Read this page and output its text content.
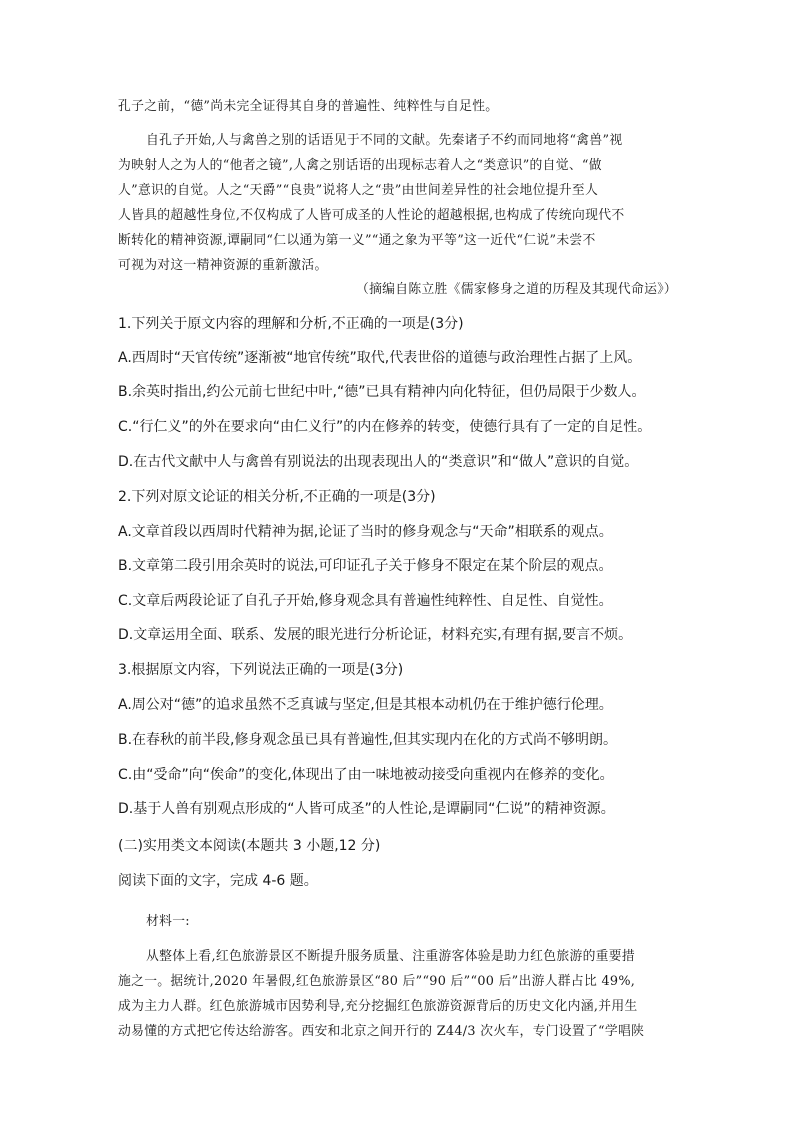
孔子之前，“德”尚未完全证得其自身的普遍性、纯粹性与自足性。
自孔子开始,人与禽兽之别的话语见于不同的文献。先秦诸子不约而同地将“禽兽”视
为映射人之为人的“他者之镜”,人禽之别话语的出现标志着人之“类意识”的自觉、“做
人”意识的自觉。人之“天爵”“良贵”说将人之“贵”由世间差异性的社会地位提升至人
人皆具的超越性身位,不仅构成了人皆可成圣的人性论的超越根据,也构成了传统向现代不
断转化的精神资源,谭嗣同“仁以通为第一义”“通之象为平等”这一近代“仁说”未尝不
可视为对这一精神资源的重新激活。
（摘编自陈立胜《儒家修身之道的历程及其现代命运》）
1.下列关于原文内容的理解和分析,不正确的一项是(3分)
A.西周时“天官传统”逐渐被“地官传统”取代,代表世俗的道德与政治理性占据了上风。
B.余英时指出,约公元前七世纪中叶,“德”已具有精神内向化特征，但仍局限于少数人。
C.“行仁义”的外在要求向“由仁义行”的内在修养的转变，使德行具有了一定的自足性。
D.在古代文献中人与禽兽有别说法的出现表现出人的“类意识”和“做人”意识的自觉。
2.下列对原文论证的相关分析,不正确的一项是(3分)
A.文章首段以西周时代精神为据,论证了当时的修身观念与“天命”相联系的观点。
B.文章第二段引用余英时的说法,可印证孔子关于修身不限定在某个阶层的观点。
C.文章后两段论证了自孔子开始,修身观念具有普遍性纯粹性、自足性、自觉性。
D.文章运用全面、联系、发展的眼光进行分析论证，材料充实,有理有据,要言不烦。
3.根据原文内容，下列说法正确的一项是(3分)
A.周公对“德”的追求虽然不乏真诚与坚定,但是其根本动机仍在于维护德行伦理。
B.在春秋的前半段,修身观念虽已具有普遍性,但其实现内在化的方式尚不够明朗。
C.由“受命”向“俟命”的变化,体现出了由一味地被动接受向重视内在修养的变化。
D.基于人兽有别观点形成的“人皆可成圣”的人性论,是谭嗣同“仁说”的精神资源。
(二)实用类文本阅读(本题共 3 小题,12 分)
阅读下面的文字，完成 4-6 题。
材料一:
从整体上看,红色旅游景区不断提升服务质量、注重游客体验是助力红色旅游的重要措
施之一。据统计,2020 年暑假,红色旅游景区“80 后”“90 后”“00 后”出游人群占比 49%,
成为主力人群。红色旅游城市因势利导,充分挖掘红色旅游资源背后的历史文化内涵,并用生
动易懂的方式把它传达给游客。西安和北京之间开行的 Z44/3 次火车，专门设置了“学唱陕
